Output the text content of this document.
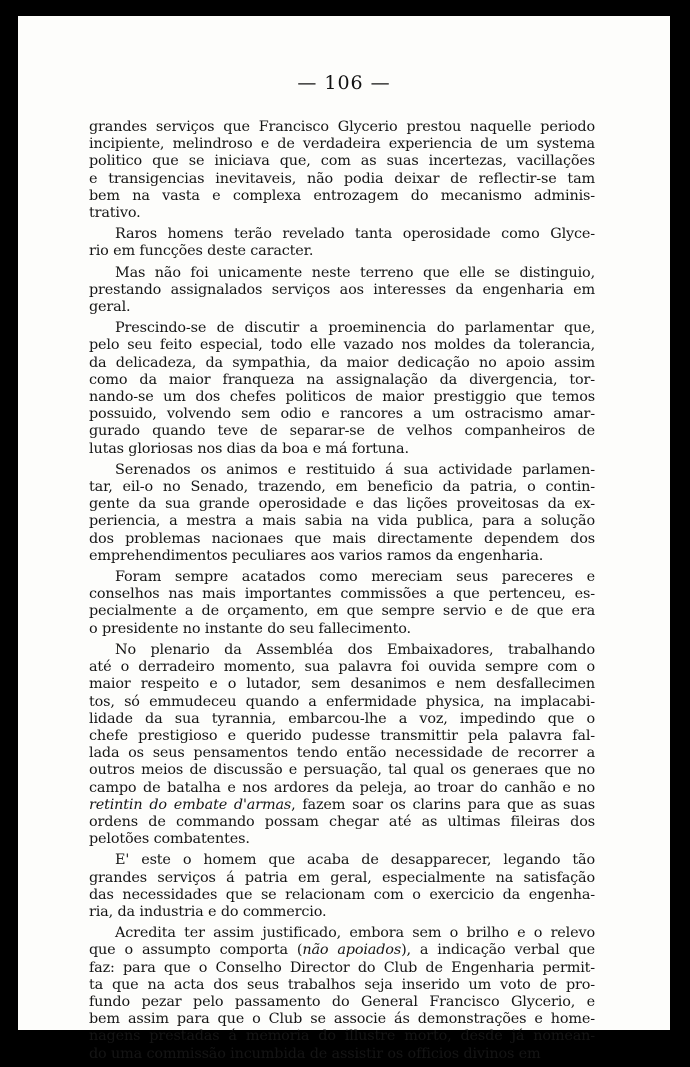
— 106 —
grandes serviços que Francisco Glycerio prestou naquelle periodo
incipiente, melindroso e de verdadeira experiencia de um systema
politico que se iniciava que, com as suas incertezas, vacillações
e transigencias inevitaveis, não podia deixar de reflectir-se tam
bem na vasta e complexa entrozagem do mecanismo adminis-
trativo.
Raros homens terão revelado tanta operosidade como Glyce-
rio em funcções deste caracter.
Mas não foi unicamente neste terreno que elle se distinguio,
prestando assignalados serviços aos interesses da engenharia em
geral.
Prescindo-se de discutir a proeminencia do parlamentar que,
pelo seu feito especial, todo elle vazado nos moldes da tolerancia,
da delicadeza, da sympathia, da maior dedicação no apoio assim
como da maior franqueza na assignalação da divergencia, tor-
nando-se um dos chefes politicos de maior prestiggio que temos
possuido, volvendo sem odio e rancores a um ostracismo amar-
gurado quando teve de separar-se de velhos companheiros de
lutas gloriosas nos dias da boa e má fortuna.
Serenados os animos e restituido á sua actividade parlamen-
tar, eil-o no Senado, trazendo, em beneficio da patria, o contin-
gente da sua grande operosidade e das lições proveitosas da ex-
periencia, a mestra a mais sabia na vida publica, para a solução
dos problemas nacionaes que mais directamente dependem dos
emprehendimentos peculiares aos varios ramos da engenharia.
Foram sempre acatados como mereciam seus pareceres e
conselhos nas mais importantes commissões a que pertenceu, es-
pecialmente a de orçamento, em que sempre servio e de que era
o presidente no instante do seu fallecimento.
No plenario da Assembléa dos Embaixadores, trabalhando
até o derradeiro momento, sua palavra foi ouvida sempre com o
maior respeito e o lutador, sem desanimos e nem desfallecimen
tos, só emmudeceu quando a enfermidade physica, na implacabi-
lidade da sua tyrannia, embarcou-lhe a voz, impedindo que o
chefe prestigioso e querido pudesse transmittir pela palavra fal-
lada os seus pensamentos tendo então necessidade de recorrer a
outros meios de discussão e persuação, tal qual os generaes que no
campo de batalha e nos ardores da peleja, ao troar do canhão e no
retintin do embate d'armas, fazem soar os clarins para que as suas
ordens de commando possam chegar até as ultimas fileiras dos
pelotões combatentes.
E' este o homem que acaba de desapparecer, legando tão
grandes serviços á patria em geral, especialmente na satisfação
das necessidades que se relacionam com o exercicio da engenha-
ria, da industria e do commercio.
Acredita ter assim justificado, embora sem o brilho e o relevo
que o assumpto comporta (não apoiados), a indicação verbal que
faz: para que o Conselho Director do Club de Engenharia permit-
ta que na acta dos seus trabalhos seja inserido um voto de pro-
fundo pezar pelo passamento do General Francisco Glycerio, e
bem assim para que o Club se associe ás demonstrações e home-
nagens prestadas á memoria do illustre morto, desde já nomean-
do uma commissão incumbida de assistir os officios divinos em
